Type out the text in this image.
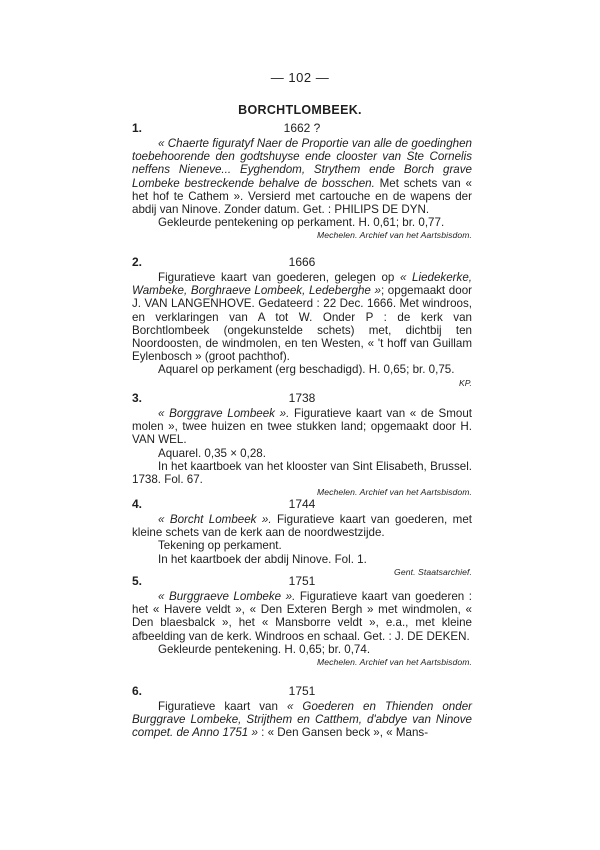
— 102 —
BORCHTLOMBEEK.
1.	1662 ?

« Chaerte figuratyf Naer de Proportie van alle de goedinghen toebehoorende den godtshuyse ende clooster van Ste Cornelis neffens Nieneve... Eyghendom, Strythem ende Borch grave Lombeke bestreckende behalve de bosschen. Met schets van « het hof te Cathem ». Versierd met cartouche en de wapens der abdij van Ninove. Zonder datum. Get. : PHILIPS DE DYN.

Gekleurde pentekening op perkament. H. 0,61; br. 0,77.

Mechelen. Archief van het Aartsbisdom.
2.	1666

Figuratieve kaart van goederen, gelegen op « Liedekerke, Wambeke, Borghraeve Lombeek, Ledeberghe »; opgemaakt door J. VAN LANGENHOVE. Gedateerd : 22 Dec. 1666. Met windroos, en verklaringen van A tot W. Onder P : de kerk van Borchtlombeek (ongekunstelde schets) met, dichtbij ten Noordoosten, de windmolen, en ten Westen, « 't hoff van Guillam Eylenbosch » (groot pachthof).

Aquarel op perkament (erg beschadigd). H. 0,65; br. 0,75.

KP.
3.	1738

« Borggrave Lombeek ». Figuratieve kaart van « de Smout molen », twee huizen en twee stukken land; opgemaakt door H. VAN WEL.

Aquarel. 0,35 × 0,28.

In het kaartboek van het klooster van Sint Elisabeth, Brussel. 1738. Fol. 67.

Mechelen. Archief van het Aartsbisdom.
4.	1744

« Borcht Lombeek ». Figuratieve kaart van goederen, met kleine schets van de kerk aan de noordwestzijde.

Tekening op perkament.

In het kaartboek der abdij Ninove. Fol. 1.

Gent. Staatsarchief.
5.	1751

« Burggraeve Lombeke ». Figuratieve kaart van goederen : het « Havere veldt », « Den Exteren Bergh » met windmolen, « Den blaesbalck », het « Mansborre veldt », e.a., met kleine afbeelding van de kerk. Windroos en schaal. Get. : J. DE DEKEN.

Gekleurde pentekening. H. 0,65; br. 0,74.

Mechelen. Archief van het Aartsbisdom.
6.	1751

Figuratieve kaart van « Goederen en Thienden onder Burggrave Lombeke, Strijthem en Catthem, d'abdye van Ninove compet. de Anno 1751 » : « Den Gansen beck », « Mans-
